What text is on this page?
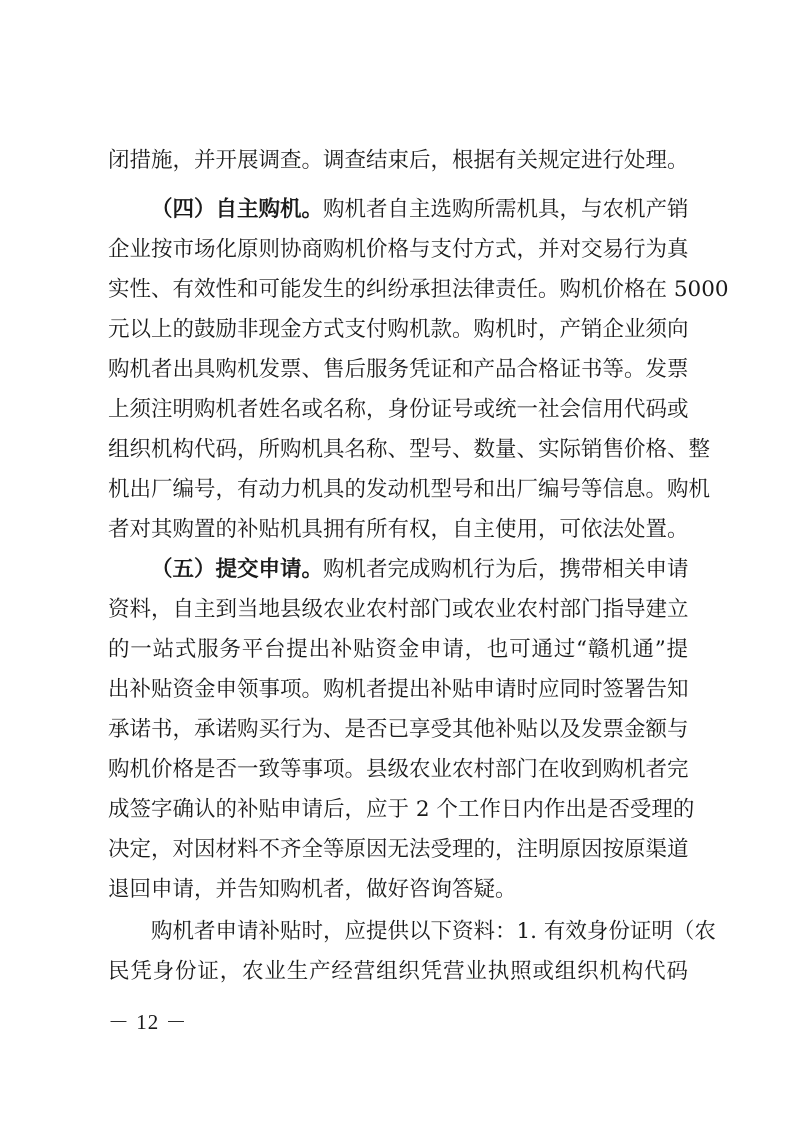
闭措施，并开展调查。调查结束后，根据有关规定进行处理。
（四）自主购机。购机者自主选购所需机具，与农机产销
企业按市场化原则协商购机价格与支付方式，并对交易行为真
实性、有效性和可能发生的纠纷承担法律责任。购机价格在 5000
元以上的鼓励非现金方式支付购机款。购机时，产销企业须向
购机者出具购机发票、售后服务凭证和产品合格证书等。发票
上须注明购机者姓名或名称，身份证号或统一社会信用代码或
组织机构代码，所购机具名称、型号、数量、实际销售价格、整
机出厂编号，有动力机具的发动机型号和出厂编号等信息。购机
者对其购置的补贴机具拥有所有权，自主使用，可依法处置。
（五）提交申请。购机者完成购机行为后，携带相关申请
资料，自主到当地县级农业农村部门或农业农村部门指导建立
的一站式服务平台提出补贴资金申请，也可通过“赣机通”提
出补贴资金申领事项。购机者提出补贴申请时应同时签署告知
承诺书，承诺购买行为、是否已享受其他补贴以及发票金额与
购机价格是否一致等事项。县级农业农村部门在收到购机者完
成签字确认的补贴申请后，应于 2 个工作日内作出是否受理的
决定，对因材料不齐全等原因无法受理的，注明原因按原渠道
退回申请，并告知购机者，做好咨询答疑。
购机者申请补贴时，应提供以下资料：1. 有效身份证明（农
民凭身份证，农业生产经营组织凭营业执照或组织机构代码
－ 12 －
